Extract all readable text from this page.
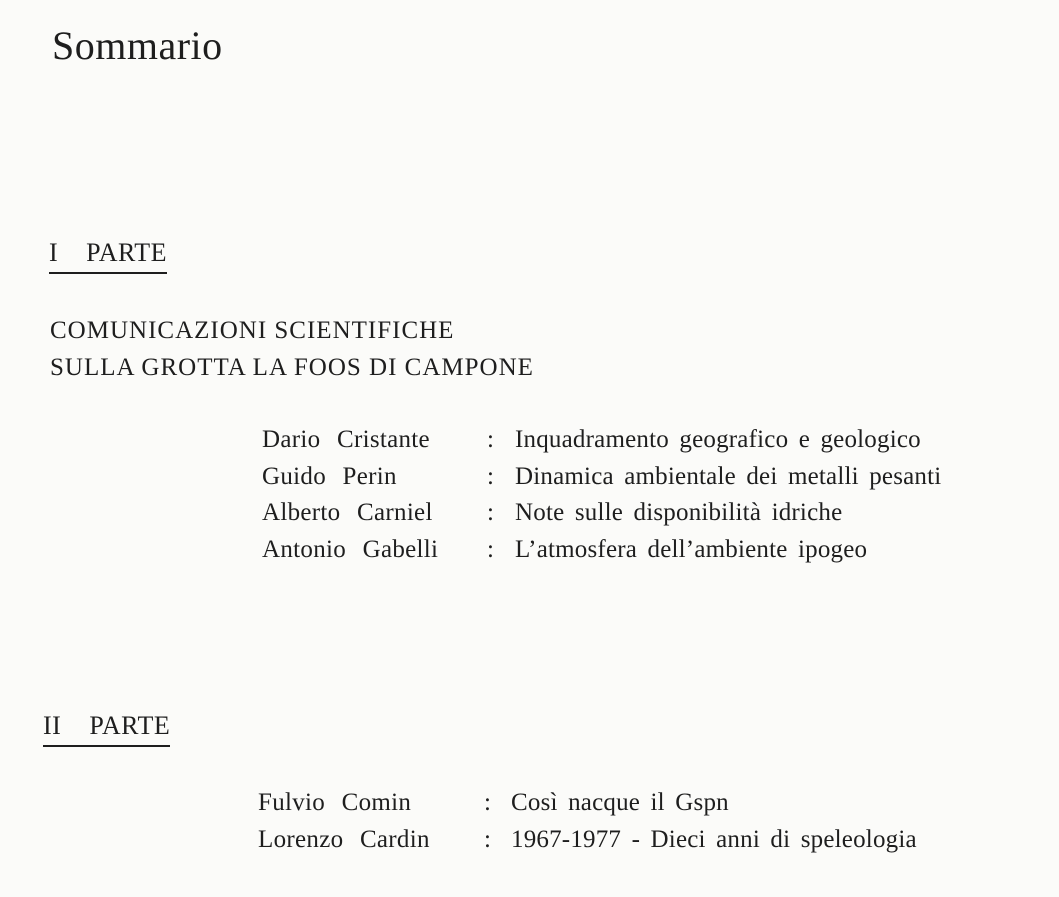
Sommario
I PARTE
COMUNICAZIONI SCIENTIFICHE
SULLA GROTTA LA FOOS DI CAMPONE
Dario Cristante	: Inquadramento geografico e geologico
Guido Perin	: Dinamica ambientale dei metalli pesanti
Alberto Carniel	: Note sulle disponibilità idriche
Antonio Gabelli	: L’atmosfera dell’ambiente ipogeo
II PARTE
Fulvio Comin	: Così nacque il Gspn
Lorenzo Cardin	: 1967-1977 - Dieci anni di speleologia
